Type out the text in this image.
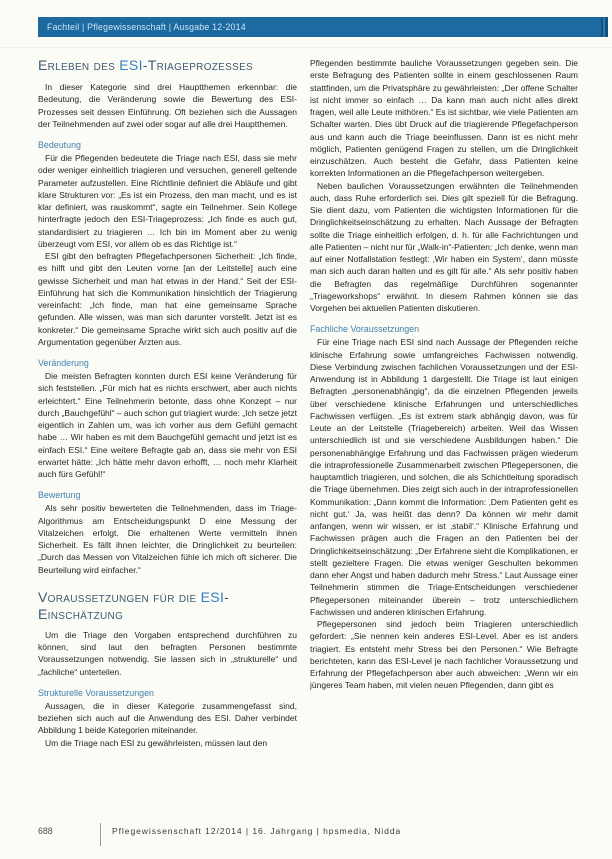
Fachteil | Pflegewissenschaft | Ausgabe 12-2014
Erleben des ESI-Triageprozesses

In dieser Kategorie sind drei Hauptthemen erkennbar: die Bedeutung, die Veränderung sowie die Bewertung des ESI-Prozesses seit dessen Einführung. Oft beziehen sich die Aussagen der Teilnehmenden auf zwei oder sogar auf alle drei Hauptthemen.

Bedeutung

Für die Pflegenden bedeutete die Triage nach ESI, dass sie mehr oder weniger einheitlich triagieren und versuchen, generell geltende Parameter aufzustellen. Eine Richtlinie definiert die Abläufe und gibt klare Strukturen vor: „Es ist ein Prozess, den man macht, und es ist klar definiert, was rauskommt“, sagte ein Teilnehmer. Sein Kollege hinterfragte jedoch den ESI-Triageprozess: „Ich finde es auch gut, standardisiert zu triagieren … Ich bin im Moment aber zu wenig überzeugt vom ESI, vor allem ob es das Richtige ist.“

ESI gibt den befragten Pflegefachpersonen Sicherheit: „Ich finde, es hilft und gibt den Leuten vorne [an der Leitstelle] auch eine gewisse Sicherheit und man hat etwas in der Hand.“ Seit der ESI-Einführung hat sich die Kommunikation hinsichtlich der Triagierung vereinfacht: „Ich finde, man hat eine gemeinsame Sprache gefunden. Alle wissen, was man sich darunter vorstellt. Jetzt ist es konkreter.“ Die gemeinsame Sprache wirkt sich auch positiv auf die Argumentation gegenüber Ärzten aus.

Veränderung

Die meisten Befragten konnten durch ESI keine Veränderung für sich feststellen. „Für mich hat es nichts erschwert, aber auch nichts erleichtert.“ Eine Teilnehmerin betonte, dass ohne Konzept – nur durch „Bauchgefühl“ – auch schon gut triagiert wurde: „Ich setze jetzt eigentlich in Zahlen um, was ich vorher aus dem Gefühl gemacht habe … Wir haben es mit dem Bauchgefühl gemacht und jetzt ist es einfach ESI.“ Eine weitere Befragte gab an, dass sie mehr von ESI erwartet hätte: „Ich hätte mehr davon erhofft, … noch mehr Klarheit auch fürs Gefühl!“

Bewertung

Als sehr positiv bewerteten die Teilnehmenden, dass im Triage-Algorithmus am Entscheidungspunkt D eine Messung der Vitalzeichen erfolgt. Die erhaltenen Werte vermitteln ihnen Sicherheit. Es fällt ihnen leichter, die Dringlichkeit zu beurteilen: „Durch das Messen von Vitalzeichen fühle ich mich oft sicherer. Die Beurteilung wird einfacher.“

Voraussetzungen für die ESI-Einschätzung

Um die Triage den Vorgaben entsprechend durchführen zu können, sind laut den befragten Personen bestimmte Voraussetzungen notwendig. Sie lassen sich in „strukturelle“ und „fachliche“ unterteilen.

Strukturelle Voraussetzungen

Aussagen, die in dieser Kategorie zusammengefasst sind, beziehen sich auch auf die Anwendung des ESI. Daher verbindet Abbildung 1 beide Kategorien miteinander.

Um die Triage nach ESI zu gewährleisten, müssen laut den

Pflegenden bestimmte bauliche Voraussetzungen gegeben sein. Die erste Befragung des Patienten sollte in einem geschlossenen Raum stattfinden, um die Privatsphäre zu gewährleisten: „Der offene Schalter ist nicht immer so einfach … Da kann man auch nicht alles direkt fragen, weil alle Leute mithören.“ Es ist sichtbar, wie viele Patienten am Schalter warten. Dies übt Druck auf die triagierende Pflegefachperson aus und kann auch die Triage beeinflussen. Dann ist es nicht mehr möglich, Patienten genügend Fragen zu stellen, um die Dringlichkeit einzuschätzen. Auch besteht die Gefahr, dass Patienten keine korrekten Informationen an die Pflegefachperson weitergeben.

Neben baulichen Voraussetzungen erwähnten die Teilnehmenden auch, dass Ruhe erforderlich sei. Dies gilt speziell für die Befragung. Sie dient dazu, vom Patienten die wichtigsten Informationen für die Dringlichkeitseinschätzung zu erhalten. Nach Aussage der Befragten sollte die Triage einheitlich erfolgen, d. h. für alle Fachrichtungen und alle Patienten – nicht nur für „Walk-in“-Patienten: „Ich denke, wenn man auf einer Notfallstation festlegt: ‚Wir haben ein System‘, dann müsste man sich auch daran halten und es gilt für alle.“ Als sehr positiv haben die Befragten das regelmäßige Durchführen sogenannter „Triageworkshops“ erwähnt. In diesem Rahmen können sie das Vorgehen bei aktuellen Patienten diskutieren.

Fachliche Voraussetzungen

Für eine Triage nach ESI sind nach Aussage der Pflegenden reiche klinische Erfahrung sowie umfangreiches Fachwissen notwendig. Diese Verbindung zwischen fachlichen Voraussetzungen und der ESI-Anwendung ist in Abbildung 1 dargestellt. Die Triage ist laut einigen Befragten „personenabhängig“, da die einzelnen Pflegenden jeweils über verschiedene klinische Erfahrungen und unterschiedliches Fachwissen verfügen. „Es ist extrem stark abhängig davon, was für Leute an der Leitstelle (Triagebereich) arbeiten. Weil das Wissen unterschiedlich ist und sie verschiedene Ausbildungen haben.“ Die personenabhängige Erfahrung und das Fachwissen prägen wiederum die intraprofessionelle Zusammenarbeit zwischen Pflegepersonen, die hauptamtlich triagieren, und solchen, die als Schichtleitung sporadisch die Triage übernehmen. Dies zeigt sich auch in der intraprofessionellen Kommunikation: „Dann kommt die Information: ‚Dem Patienten geht es nicht gut.‘ Ja, was heißt das denn? Da können wir mehr damit anfangen, wenn wir wissen, er ist ‚stabil‘.“ Klinische Erfahrung und Fachwissen prägen auch die Fragen an den Patienten bei der Dringlichkeitseinschätzung: „Der Erfahrene sieht die Komplikationen, er stellt gezieltere Fragen. Die etwas weniger Geschulten bekommen dann eher Angst und haben dadurch mehr Stress.“ Laut Aussage einer Teilnehmerin stimmen die Triage-Entscheidungen verschiedener Pflegepersonen miteinander überein – trotz unterschiedlichem Fachwissen und anderen klinischen Erfahrung.

Pflegepersonen sind jedoch beim Triagieren unterschiedlich gefordert: „Sie nennen kein anderes ESI-Level. Aber es ist anders triagiert. Es entsteht mehr Stress bei den Personen.“ Wie Befragte berichteten, kann das ESI-Level je nach fachlicher Voraussetzung und Erfahrung der Pflegefachperson aber auch abweichen: „Wenn wir ein jüngeres Team haben, mit vielen neuen Pflegenden, dann gibt es

688	Pflegewissenschaft 12/2014 | 16. Jahrgang | hpsmedia, Nidda
